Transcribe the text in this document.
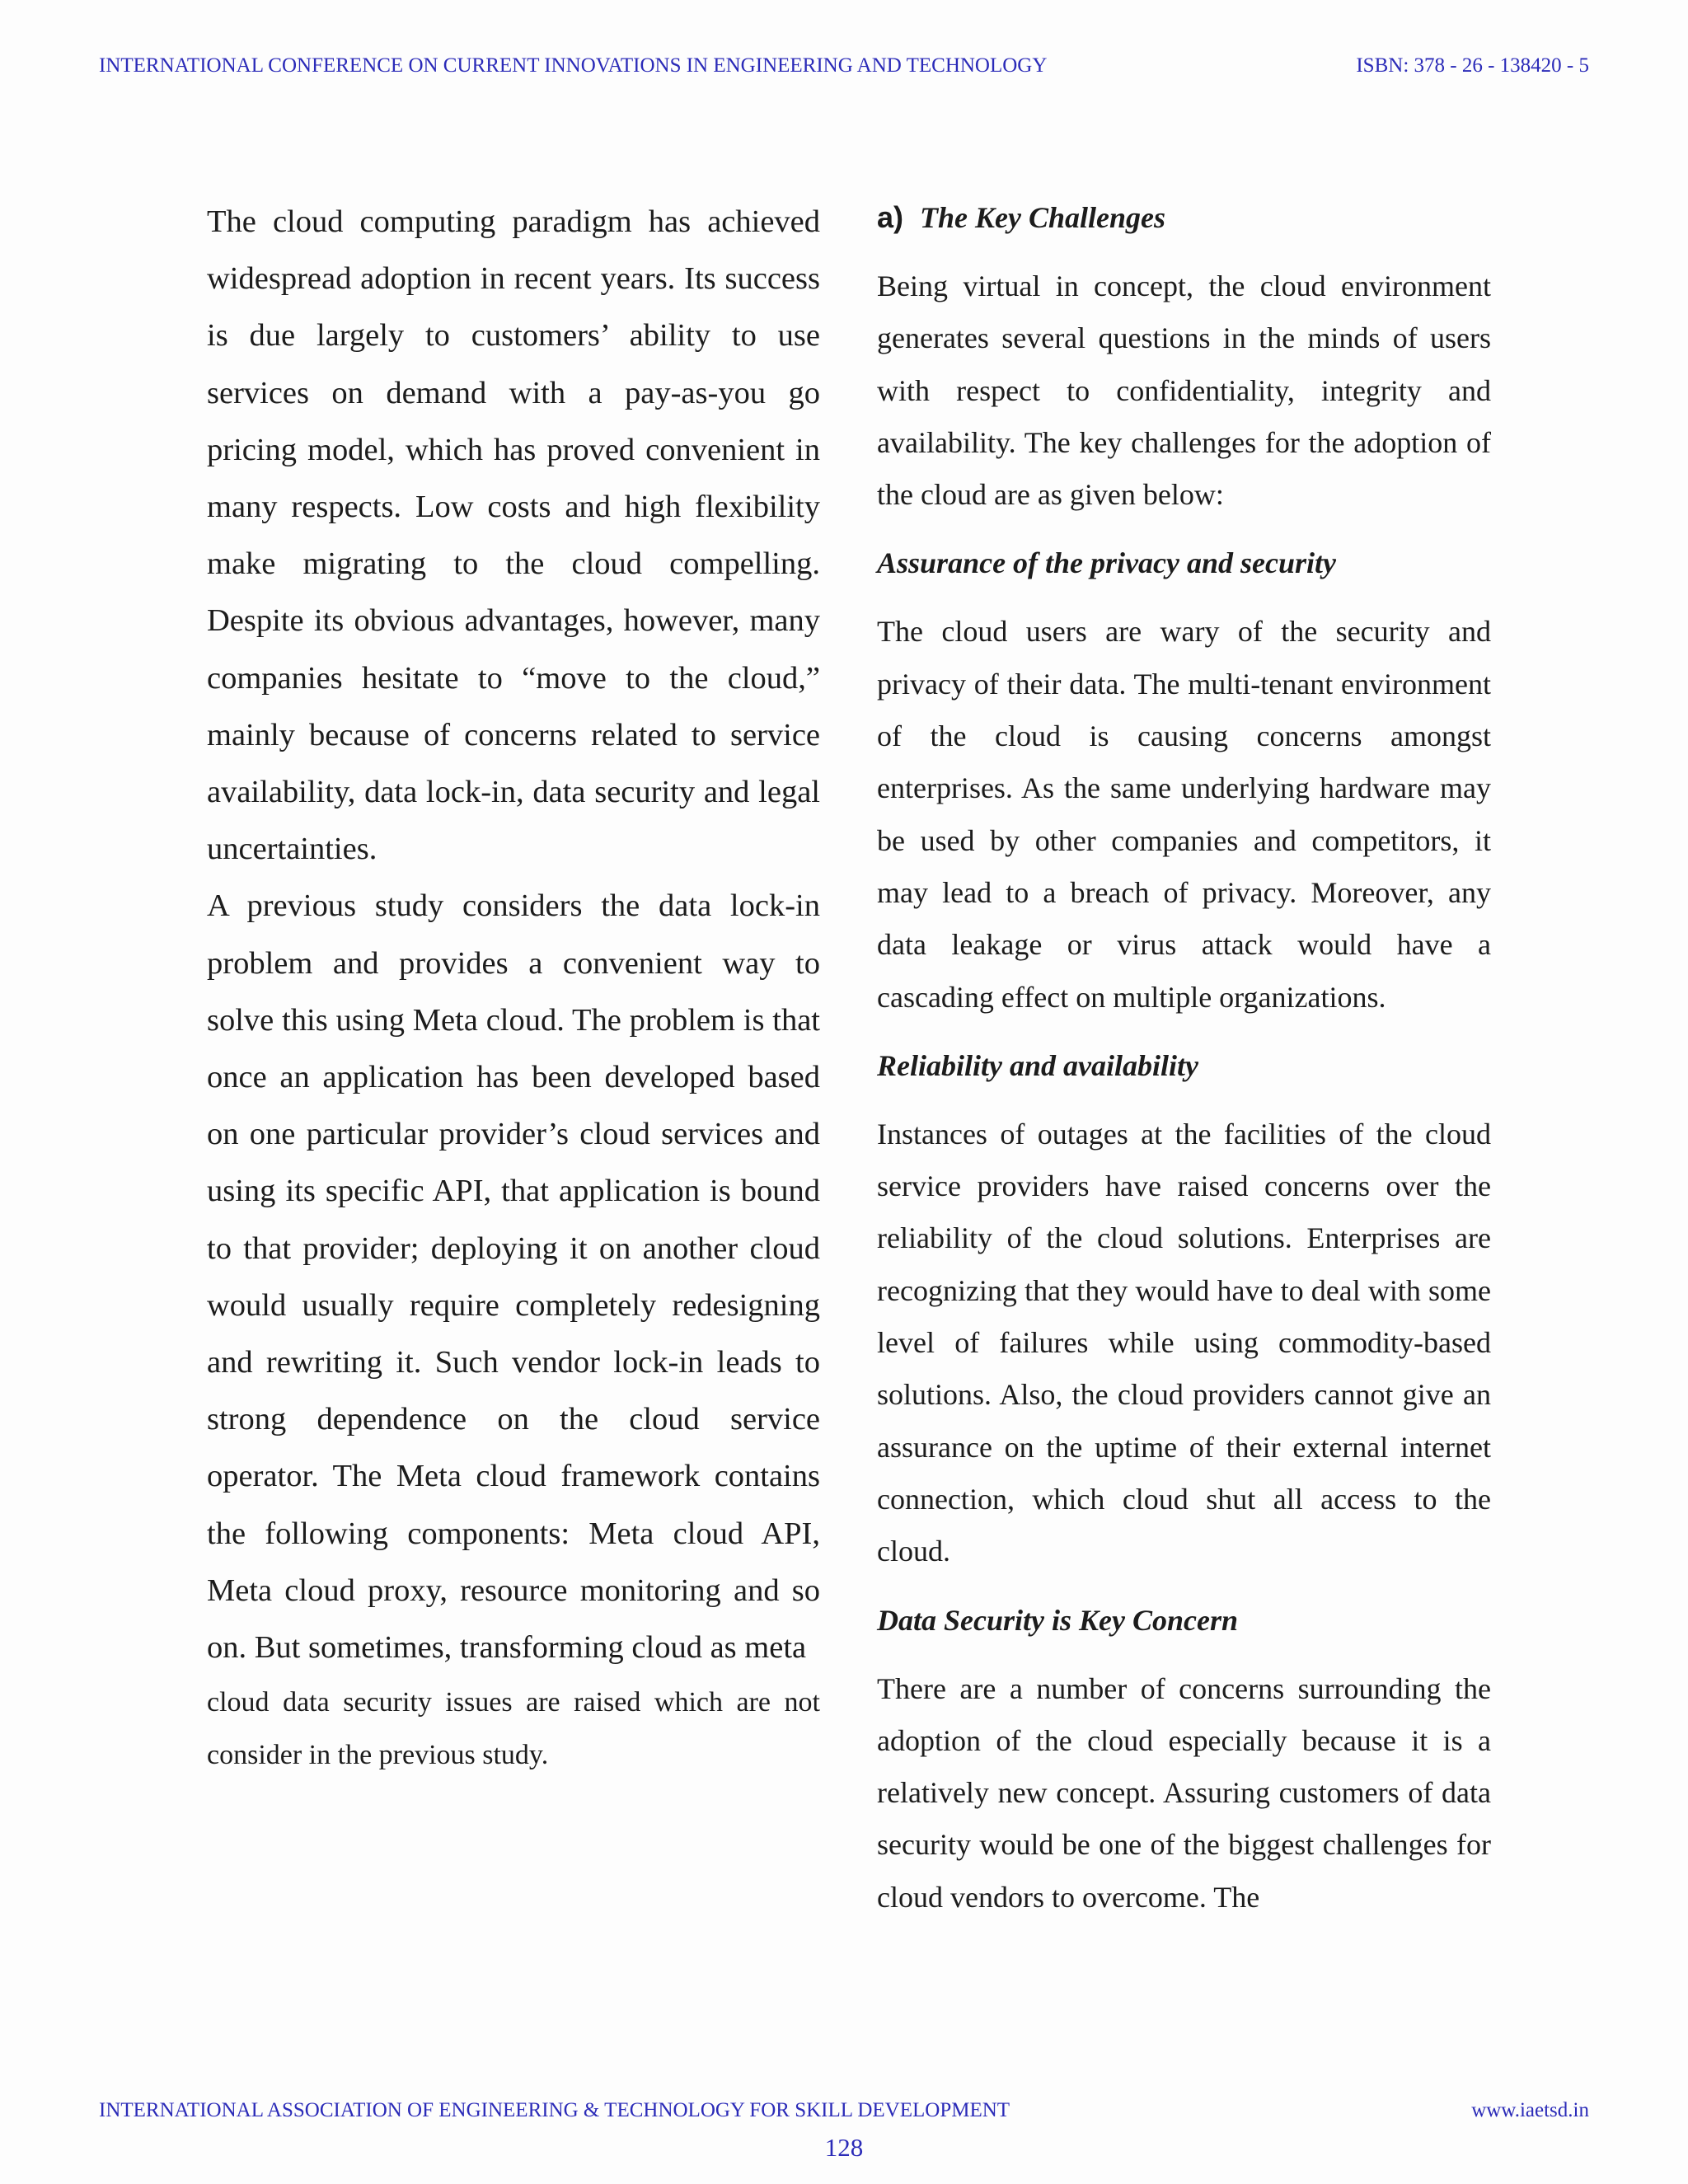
INTERNATIONAL CONFERENCE ON CURRENT INNOVATIONS IN ENGINEERING AND TECHNOLOGY	ISBN: 378 - 26 - 138420 - 5

The cloud computing paradigm has achieved widespread adoption in recent years. Its success is due largely to customers’ ability to use services on demand with a pay-as-you go pricing model, which has proved convenient in many respects. Low costs and high flexibility make migrating to the cloud compelling. Despite its obvious advantages, however, many companies hesitate to “move to the cloud,” mainly because of concerns related to service availability, data lock-in, data security and legal uncertainties.

A previous study considers the data lock-in problem and provides a convenient way to solve this using Meta cloud. The problem is that once an application has been developed based on one particular provider’s cloud services and using its specific API, that application is bound to that provider; deploying it on another cloud would usually require completely redesigning and rewriting it. Such vendor lock-in leads to strong dependence on the cloud service operator. The Meta cloud framework contains the following components: Meta cloud API, Meta cloud proxy, resource monitoring and so on. But sometimes, transforming cloud as meta

cloud data security issues are raised which are not consider in the previous study.

a) The Key Challenges

Being virtual in concept, the cloud environment generates several questions in the minds of users with respect to confidentiality, integrity and availability. The key challenges for the adoption of the cloud are as given below:

Assurance of the privacy and security

The cloud users are wary of the security and privacy of their data. The multi-tenant environment of the cloud is causing concerns amongst enterprises. As the same underlying hardware may be used by other companies and competitors, it may lead to a breach of privacy. Moreover, any data leakage or virus attack would have a cascading effect on multiple organizations.

Reliability and availability

Instances of outages at the facilities of the cloud service providers have raised concerns over the reliability of the cloud solutions. Enterprises are recognizing that they would have to deal with some level of failures while using commodity-based solutions. Also, the cloud providers cannot give an assurance on the uptime of their external internet connection, which cloud shut all access to the cloud.

Data Security is Key Concern

There are a number of concerns surrounding the adoption of the cloud especially because it is a relatively new concept. Assuring customers of data security would be one of the biggest challenges for cloud vendors to overcome. The

INTERNATIONAL ASSOCIATION OF ENGINEERING & TECHNOLOGY FOR SKILL DEVELOPMENT	www.iaetsd.in
128
